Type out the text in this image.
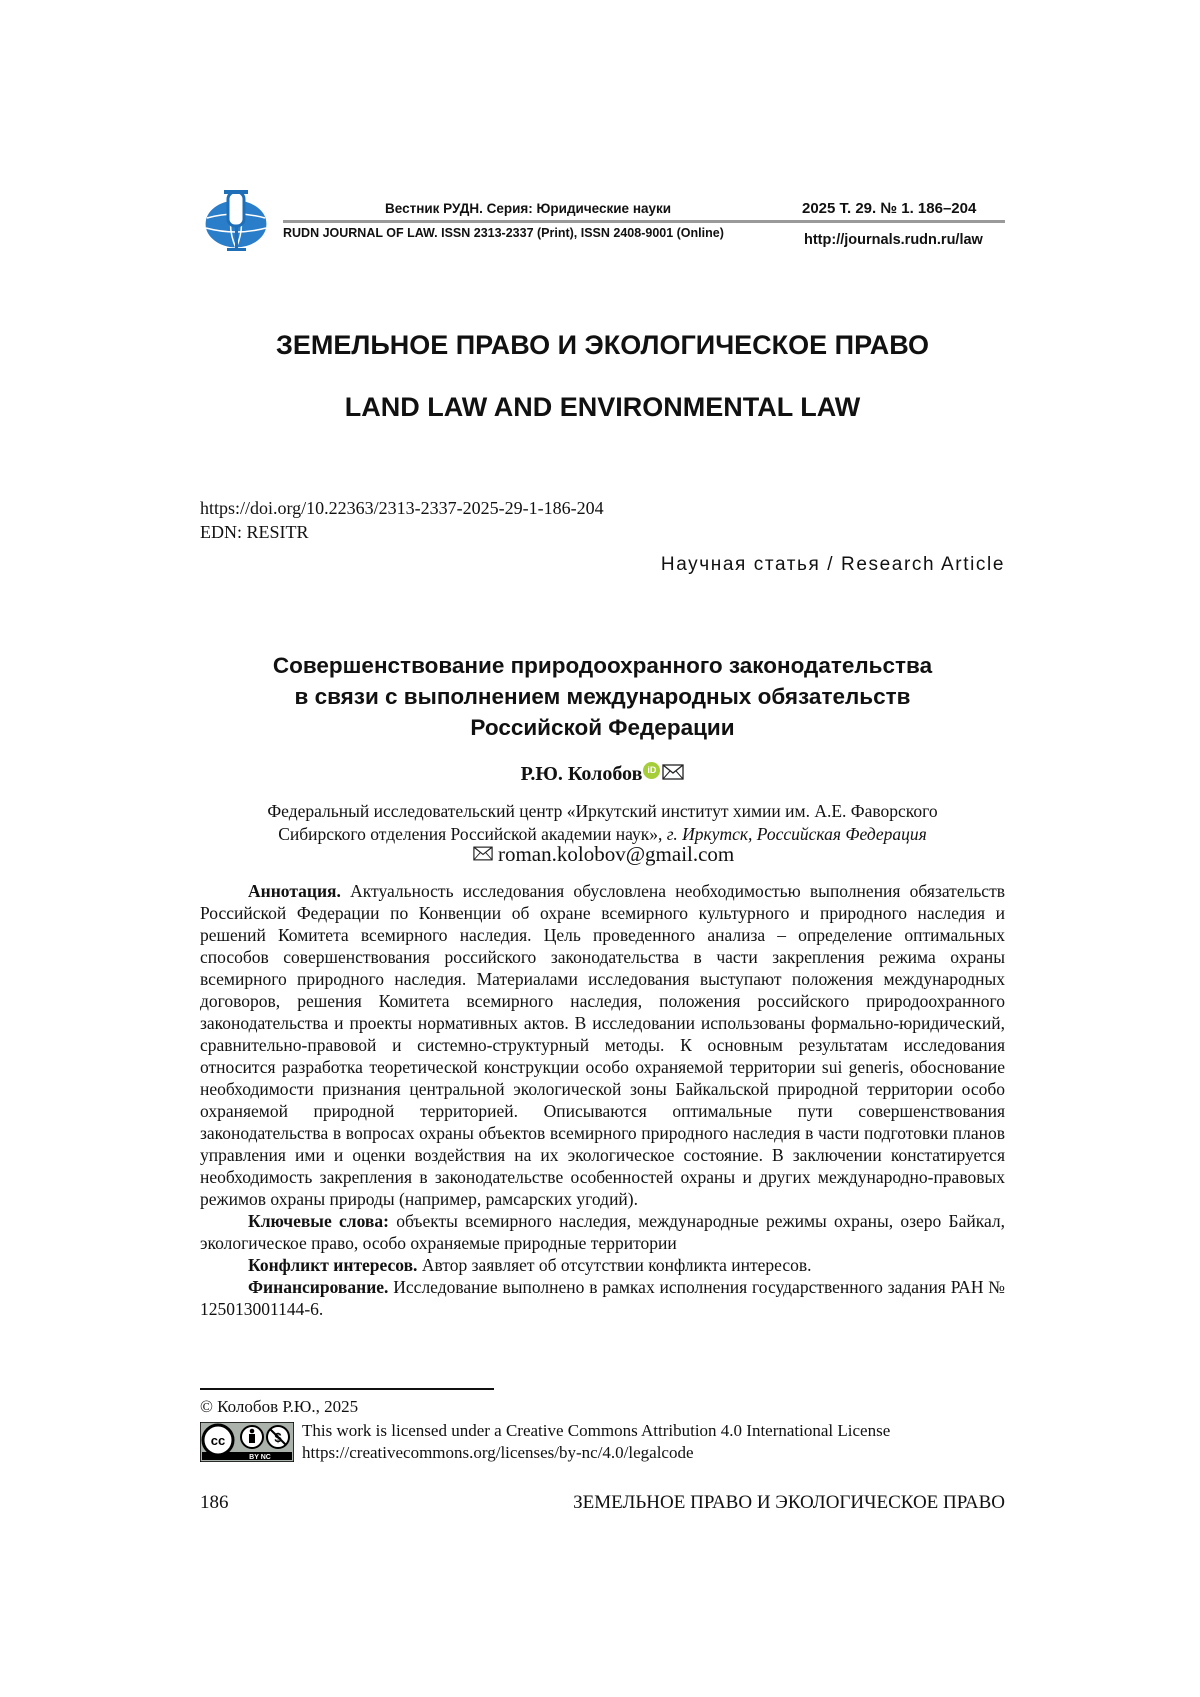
Вестник РУДН. Серия: Юридические науки	2025 Т. 29. № 1. 186–204
RUDN JOURNAL OF LAW. ISSN 2313-2337 (Print), ISSN 2408-9001 (Online)	http://journals.rudn.ru/law
ЗЕМЕЛЬНОЕ ПРАВО И ЭКОЛОГИЧЕСКОЕ ПРАВО
LAND LAW AND ENVIRONMENTAL LAW
https://doi.org/10.22363/2313-2337-2025-29-1-186-204
EDN: RESITR
Научная статья / Research Article
Совершенствование природоохранного законодательства
в связи с выполнением международных обязательств
Российской Федерации
Р.Ю. Колобов iD
Федеральный исследовательский центр «Иркутский институт химии им. А.Е. Фаворского
Сибирского отделения Российской академии наук», г. Иркутск, Российская Федерация
roman.kolobov@gmail.com

Аннотация. Актуальность исследования обусловлена необходимостью выполнения обязательств Российской Федерации по Конвенции об охране всемирного культурного и природного наследия и решений Комитета всемирного наследия. Цель проведенного анализа – определение оптимальных способов совершенствования российского законодательства в части закрепления режима охраны всемирного природного наследия. Материалами исследования выступают положения международных договоров, решения Комитета всемирного наследия, положения российского природоохранного законодательства и проекты нормативных актов. В исследовании использованы формально-юридический, сравнительно-правовой и системно-структурный методы. К основным результатам исследования относится разработка теоретической конструкции особо охраняемой территории sui generis, обоснование необходимости признания центральной экологической зоны Байкальской природной территории особо охраняемой природной территорией. Описываются оптимальные пути совершенствования законодательства в вопросах охраны объектов всемирного природного наследия в части подготовки планов управления ими и оценки воздействия на их экологическое состояние. В заключении констатируется необходимость закрепления в законодательстве особенностей охраны и других международно-правовых режимов охраны природы (например, рамсарских угодий).

Ключевые слова: объекты всемирного наследия, международные режимы охраны, озеро Байкал, экологическое право, особо охраняемые природные территории

Конфликт интересов. Автор заявляет об отсутствии конфликта интересов.

Финансирование. Исследование выполнено в рамках исполнения государственного задания РАН № 125013001144-6.

© Колобов Р.Ю., 2025
cc
BY NC
This work is licensed under a Creative Commons Attribution 4.0 International License
https://creativecommons.org/licenses/by-nc/4.0/legalcode
186	ЗЕМЕЛЬНОЕ ПРАВО И ЭКОЛОГИЧЕСКОЕ ПРАВО
